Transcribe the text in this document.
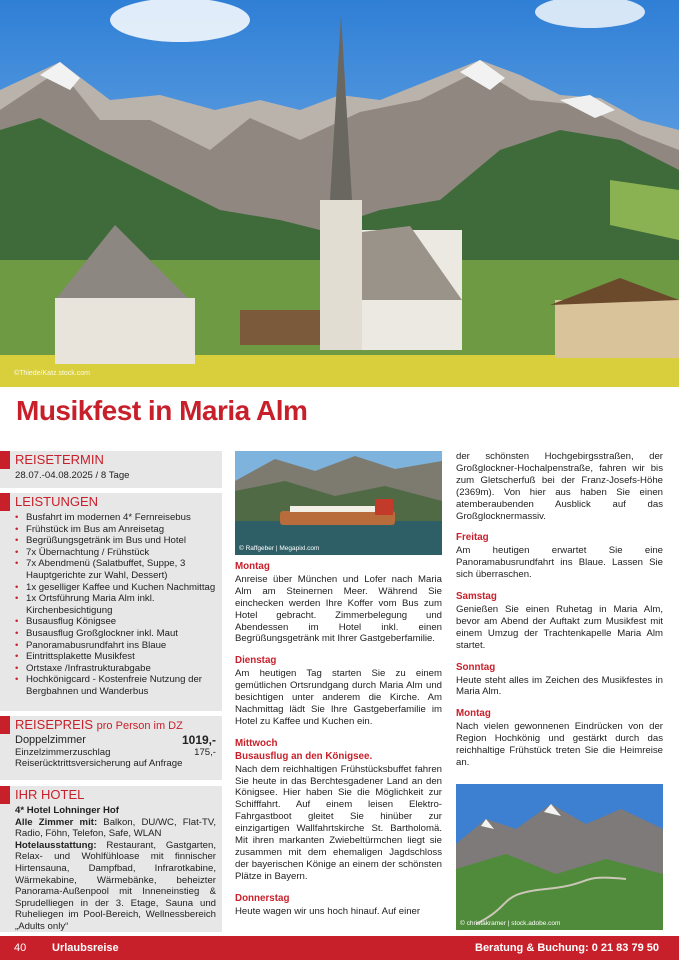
©Thiede/Katz.stock.com
Musikfest in Maria Alm
REISETERMIN
28.07.-04.08.2025 / 8 Tage
LEISTUNGEN
• Busfahrt im modernen 4* Fernreisebus
• Frühstück im Bus am Anreisetag
• Begrüßungsgetränk im Bus und Hotel
• 7x Übernachtung / Frühstück
• 7x Abendmenü (Salatbuffet, Suppe, 3 Hauptgerichte zur Wahl, Dessert)
• 1x geselliger Kaffee und Kuchen Nachmittag
• 1x Ortsführung Maria Alm inkl. Kirchenbesichtigung
• Busausflug Königsee
• Busausflug Großglockner inkl. Maut
• Panoramabusrundfahrt ins Blaue
• Eintrittsplakette Musikfest
• Ortstaxe /Infrastrukturabgabe
• Hochkönigcard - Kostenfreie Nutzung der Bergbahnen und Wanderbus
REISEPREIS pro Person im DZ
Doppelzimmer	1019,-
Einzelzimmerzuschlag	175,-
Reiserücktrittsversicherung auf Anfrage
IHR HOTEL
4* Hotel Lohninger Hof
Alle Zimmer mit: Balkon, DU/WC, Flat-TV, Radio, Föhn, Telefon, Safe, WLAN
Hotelausstattung: Restaurant, Gastgarten, Relax- und Wohlfühloase mit finnischer Hirtensauna, Dampfbad, Infrarotkabine, Wärmekabine, Wärmebänke, beheizter Panorama-Außenpool mit Inneneinstieg & Sprudelliegen in der 3. Etage, Sauna und Ruheliegen im Pool-Bereich, Wellnessbereich „Adults only“
© Raffgeber | Megapixl.com
Montag

Anreise über München und Lofer nach Maria Alm am Steinernen Meer. Während Sie einchecken werden Ihre Koffer vom Bus zum Hotel gebracht. Zimmerbelegung und Abendessen im Hotel inkl. einen Begrüßungsgetränk mit Ihrer Gastgeberfamilie.

Dienstag

Am heutigen Tag starten Sie zu einem gemütlichen Ortsrundgang durch Maria Alm und besichtigen unter anderem die Kirche. Am Nachmittag lädt Sie Ihre Gastgeberfamilie im Hotel zu Kaffee und Kuchen ein.

Mittwoch
Busausflug an den Königsee.

Nach dem reichhaltigen Frühstücksbuffet fahren Sie heute in das Berchtesgadener Land an den Königsee. Hier haben Sie die Möglichkeit zur Schifffahrt. Auf einem leisen Elektro-Fahrgastboot gleitet Sie hinüber zur einzigartigen Wallfahrtskirche St. Bartholomä. Mit ihren markanten Zwiebeltürmchen liegt sie zusammen mit dem ehemaligen Jagdschloss der bayerischen Könige an einem der schönsten Plätze in Bayern.

Donnerstag

Heute wagen wir uns hoch hinauf. Auf einer

der schönsten Hochgebirgsstraßen, der Großglockner-Hochalpenstraße, fahren wir bis zum Gletscherfuß bei der Franz-Josefs-Höhe (2369m). Von hier aus haben Sie einen atemberaubenden Ausblick auf das Großglocknermassiv.

Freitag

Am heutigen erwartet Sie eine Panoramabusrundfahrt ins Blaue. Lassen Sie sich überraschen.

Samstag

Genießen Sie einen Ruhetag in Maria Alm, bevor am Abend der Auftakt zum Musikfest mit einem Umzug der Trachtenkapelle Maria Alm startet.

Sonntag

Heute steht alles im Zeichen des Musikfestes in Maria Alm.

Montag

Nach vielen gewonnenen Eindrücken von der Region Hochkönig und gestärkt durch das reichhaltige Frühstück treten Sie die Heimreise an.

© christakramer | stock.adobe.com
40 Urlaubsreise	Beratung & Buchung: 0 21 83 79 50
